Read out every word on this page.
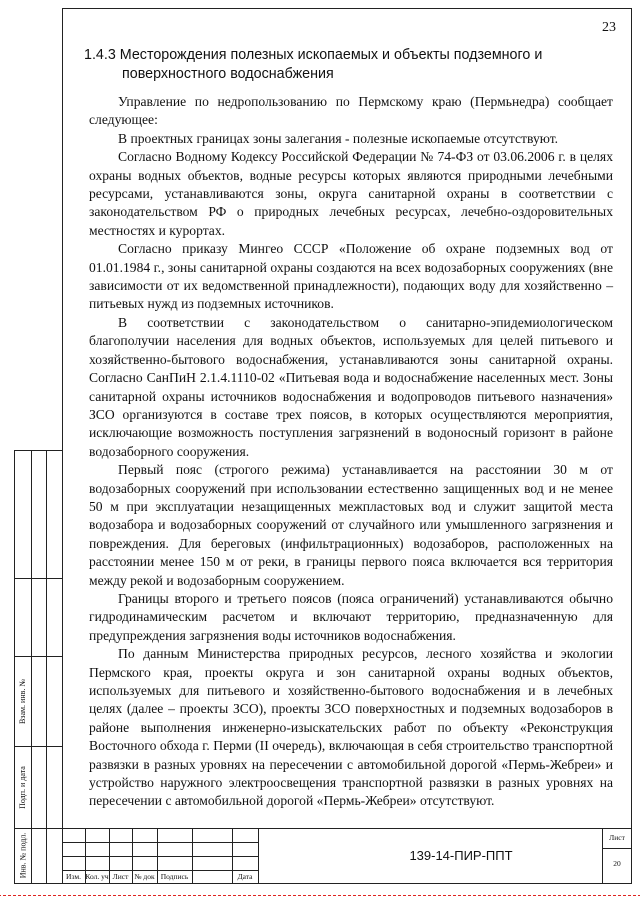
23
1.4.3 Месторождения полезных ископаемых и объекты подземного и
поверхностного водоснабжения

Управление по недропользованию по Пермскому краю (Пермьнедра) сообщает следующее:

В проектных границах зоны залегания - полезные ископаемые отсутствуют.

Согласно Водному Кодексу Российской Федерации № 74-ФЗ от 03.06.2006 г. в целях охраны водных объектов, водные ресурсы которых являются природными лечебными ресурсами, устанавливаются зоны, округа санитарной охраны в соответствии с законодательством РФ о природных лечебных ресурсах, лечебно-оздоровительных местностях и курортах.

Согласно приказу Мингео СССР «Положение об охране подземных вод от 01.01.1984 г., зоны санитарной охраны создаются на всех водозаборных сооружениях (вне зависимости от их ведомственной принадлежности), подающих воду для хозяйственно – питьевых нужд из подземных источников.

В соответствии с законодательством о санитарно-эпидемиологическом благополучии населения для водных объектов, используемых для целей питьевого и хозяйственно-бытового водоснабжения, устанавливаются зоны санитарной охраны. Согласно СанПиН 2.1.4.1110-02 «Питьевая вода и водоснабжение населенных мест. Зоны санитарной охраны источников водоснабжения и водопроводов питьевого назначения» ЗСО организуются в составе трех поясов, в которых осуществляются мероприятия, исключающие возможность поступления загрязнений в водоносный горизонт в районе водозаборного сооружения.

Первый пояс (строгого режима) устанавливается на расстоянии 30 м от водозаборных сооружений при использовании естественно защищенных вод и не менее 50 м при эксплуатации незащищенных межпластовых вод и служит защитой места водозабора и водозаборных сооружений от случайного или умышленного загрязнения и повреждения. Для береговых (инфильтрационных) водозаборов, расположенных на расстоянии менее 150 м от реки, в границы первого пояса включается вся территория между рекой и водозаборным сооружением.

Границы второго и третьего поясов (пояса ограничений) устанавливаются обычно гидродинамическим расчетом и включают территорию, предназначенную для предупреждения загрязнения воды источников водоснабжения.

По данным Министерства природных ресурсов, лесного хозяйства и экологии Пермского края, проекты округа и зон санитарной охраны водных объектов, используемых для питьевого и хозяйственно-бытового водоснабжения и в лечебных целях (далее – проекты ЗСО), проекты ЗСО поверхностных и подземных водозаборов в районе выполнения инженерно-изыскательских работ по объекту «Реконструкция Восточного обхода г. Перми (II очередь), включающая в себя строительство транспортной развязки в разных уровнях на пересечении с автомобильной дорогой «Пермь-Жебреи» и устройство наружного электроосвещения транспортной развязки в разных уровнях на пересечении с автомобильной дорогой «Пермь-Жебреи» отсутствуют.

Взам. инв. №
Подп. и дата
Инв. № подл.	Изм. Кол. уч Лист № док Подпись	Дата
139-14-ПИР-ППТ
Лист
20
